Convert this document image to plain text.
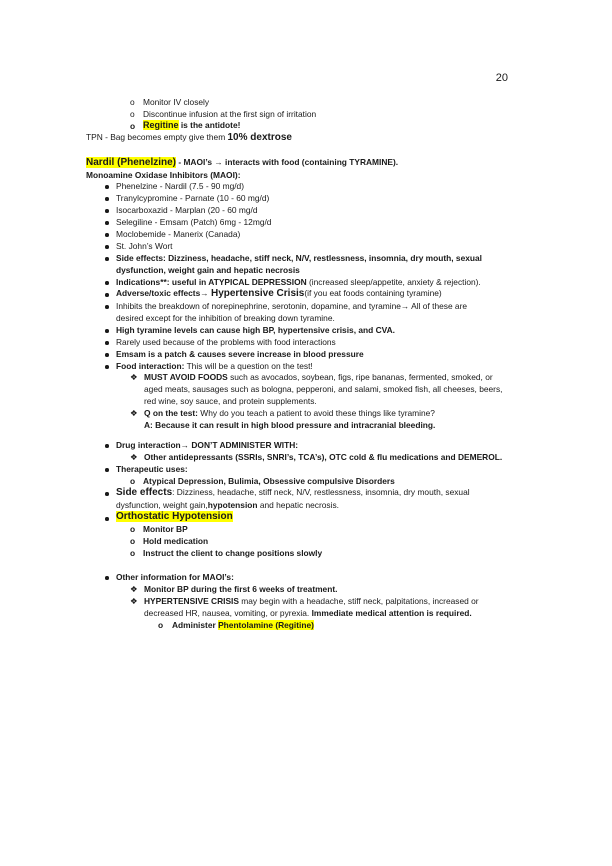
20
o Monitor IV closely
o Discontinue infusion at the first sign of irritation
o Regitine is the antidote!
TPN - Bag becomes empty give them 10% dextrose
Nardil (Phenelzine) - MAOI’s → interacts with food (containing TYRAMINE).
Monoamine Oxidase Inhibitors (MAOI):
Phenelzine - Nardil (7.5 - 90 mg/d)
Tranylcypromine - Parnate (10 - 60 mg/d)
Isocarboxazid - Marplan (20 - 60 mg/d
Selegiline - Emsam (Patch) 6mg - 12mg/d
Moclobemide - Manerix (Canada)
St. John’s Wort
Side effects: Dizziness, headache, stiff neck, N/V, restlessness, insomnia, dry mouth, sexual
dysfunction, weight gain and hepatic necrosis
Indications**: useful in ATYPICAL DEPRESSION (increased sleep/appetite, anxiety & rejection).
Adverse/toxic effects→ Hypertensive Crisis(if you eat foods containing tyramine)
Inhibits the breakdown of norepinephrine, serotonin, dopamine, and tyramine→ All of these are
desired except for the inhibition of breaking down tyramine.
High tyramine levels can cause high BP, hypertensive crisis, and CVA.
Rarely used because of the problems with food interactions
Emsam is a patch & causes severe increase in blood pressure
Food interaction: This will be a question on the test!
❖ MUST AVOID FOODS such as avocados, soybean, figs, ripe bananas, fermented, smoked, or
aged meats, sausages such as bologna, pepperoni, and salami, smoked fish, all cheeses, beers,
red wine, soy sauce, and protein supplements.
❖ Q on the test: Why do you teach a patient to avoid these things like tyramine?
A: Because it can result in high blood pressure and intracranial bleeding.
Drug interaction→ DON’T ADMINISTER WITH:
❖ Other antidepressants (SSRIs, SNRI’s, TCA’s), OTC cold & flu medications and DEMEROL.
Therapeutic uses:
o Atypical Depression, Bulimia, Obsessive compulsive Disorders
Side effects: Dizziness, headache, stiff neck, N/V, restlessness, insomnia, dry mouth, sexual
dysfunction, weight gain,hypotension and hepatic necrosis.
Orthostatic Hypotension
o Monitor BP
o Hold medication
o Instruct the client to change positions slowly
Other information for MAOI’s:
❖ Monitor BP during the first 6 weeks of treatment.
❖ HYPERTENSIVE CRISIS may begin with a headache, stiff neck, palpitations, increased or
decreased HR, nausea, vomiting, or pyrexia. Immediate medical attention is required.
o Administer Phentolamine (Regitine)
